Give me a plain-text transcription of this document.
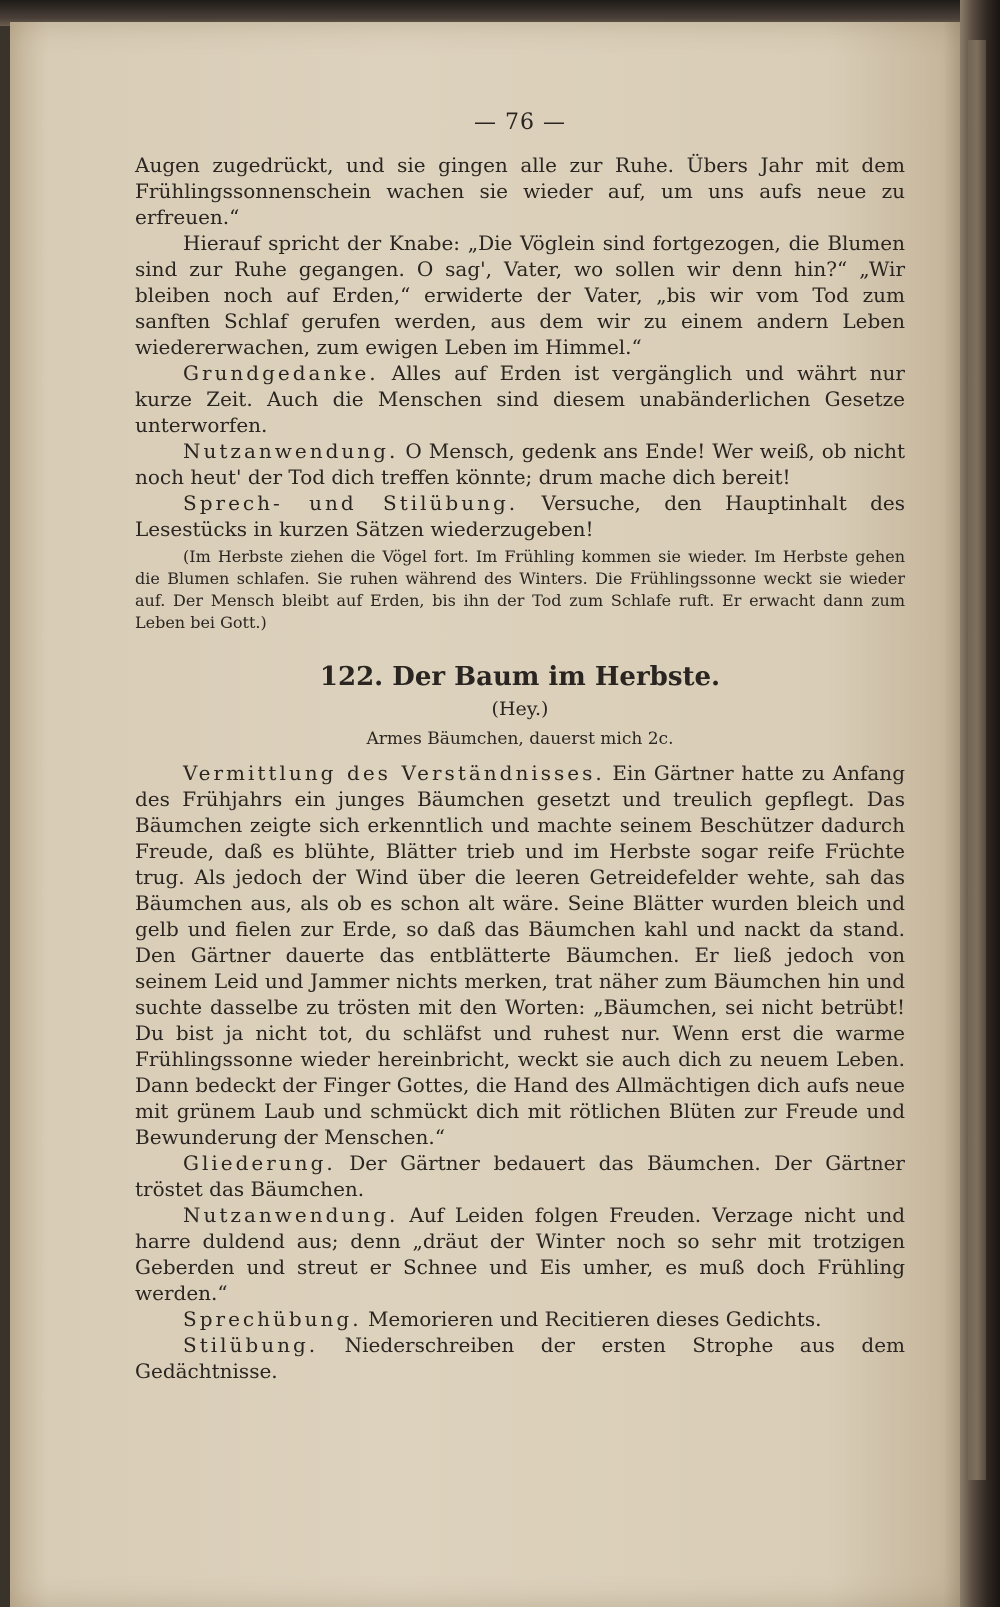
— 76 —

Augen zugedrückt, und sie gingen alle zur Ruhe. Übers Jahr mit dem Frühlingssonnenschein wachen sie wieder auf, um uns aufs neue zu erfreuen.“

Hierauf spricht der Knabe: „Die Vöglein sind fortgezogen, die Blumen sind zur Ruhe gegangen. O sag', Vater, wo sollen wir denn hin?“ „Wir bleiben noch auf Erden,“ erwiderte der Vater, „bis wir vom Tod zum sanften Schlaf gerufen werden, aus dem wir zu einem andern Leben wiedererwachen, zum ewigen Leben im Himmel.“

Grundgedanke. Alles auf Erden ist vergänglich und währt nur kurze Zeit. Auch die Menschen sind diesem unabänderlichen Gesetze unterworfen.

Nutzanwendung. O Mensch, gedenk ans Ende! Wer weiß, ob nicht noch heut' der Tod dich treffen könnte; drum mache dich bereit!

Sprech- und Stilübung. Versuche, den Hauptinhalt des Lesestücks in kurzen Sätzen wiederzugeben!

(Im Herbste ziehen die Vögel fort. Im Frühling kommen sie wieder. Im Herbste gehen die Blumen schlafen. Sie ruhen während des Winters. Die Frühlingssonne weckt sie wieder auf. Der Mensch bleibt auf Erden, bis ihn der Tod zum Schlafe ruft. Er erwacht dann zum Leben bei Gott.)

122. Der Baum im Herbste.
(Hey.)
Armes Bäumchen, dauerst mich 2c.

Vermittlung des Verständnisses. Ein Gärtner hatte zu Anfang des Frühjahrs ein junges Bäumchen gesetzt und treulich gepflegt. Das Bäumchen zeigte sich erkenntlich und machte seinem Beschützer dadurch Freude, daß es blühte, Blätter trieb und im Herbste sogar reife Früchte trug. Als jedoch der Wind über die leeren Getreidefelder wehte, sah das Bäumchen aus, als ob es schon alt wäre. Seine Blätter wurden bleich und gelb und fielen zur Erde, so daß das Bäumchen kahl und nackt da stand. Den Gärtner dauerte das entblätterte Bäumchen. Er ließ jedoch von seinem Leid und Jammer nichts merken, trat näher zum Bäumchen hin und suchte dasselbe zu trösten mit den Worten: „Bäumchen, sei nicht betrübt! Du bist ja nicht tot, du schläfst und ruhest nur. Wenn erst die warme Frühlingssonne wieder hereinbricht, weckt sie auch dich zu neuem Leben. Dann bedeckt der Finger Gottes, die Hand des Allmächtigen dich aufs neue mit grünem Laub und schmückt dich mit rötlichen Blüten zur Freude und Bewunderung der Menschen.“

Gliederung. Der Gärtner bedauert das Bäumchen. Der Gärtner tröstet das Bäumchen.

Nutzanwendung. Auf Leiden folgen Freuden. Verzage nicht und harre duldend aus; denn „dräut der Winter noch so sehr mit trotzigen Geberden und streut er Schnee und Eis umher, es muß doch Frühling werden.“

Sprechübung. Memorieren und Recitieren dieses Gedichts.

Stilübung. Niederschreiben der ersten Strophe aus dem Gedächtnisse.
